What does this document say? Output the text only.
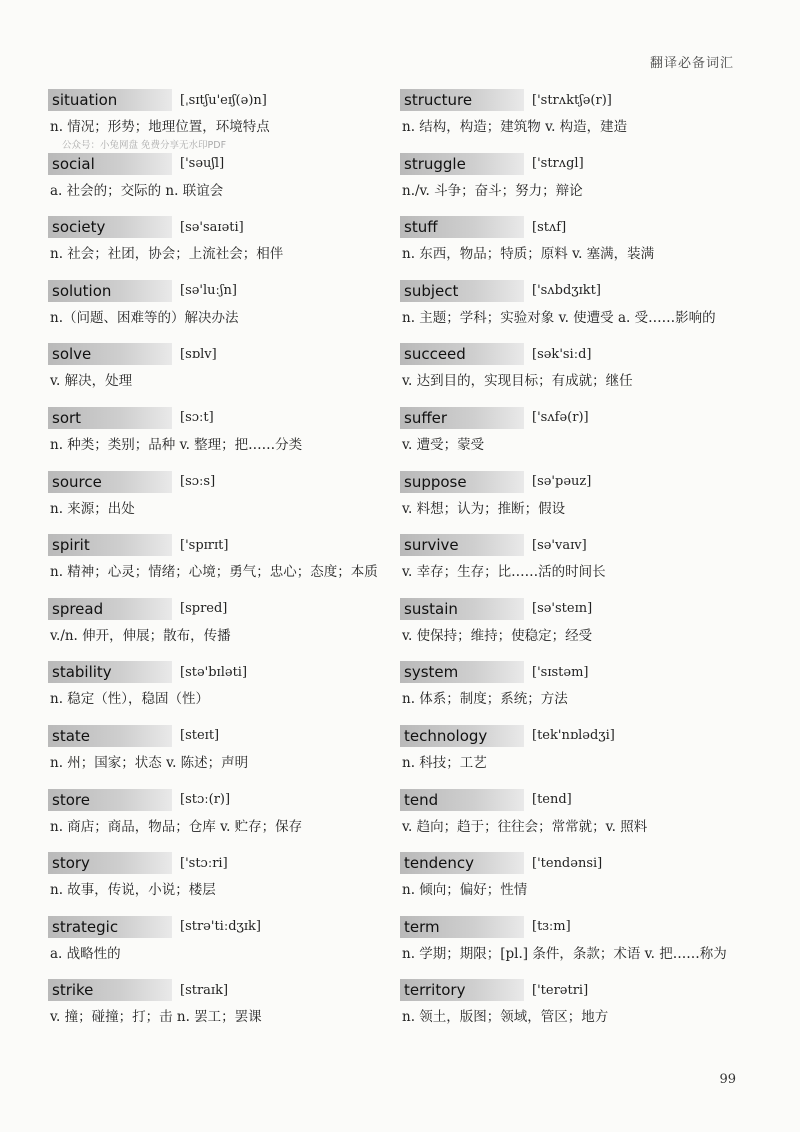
翻译必备词汇
公众号：小兔网盘 免费分享无水印PDF
situation	[ˌsɪtʃu'eɪʃ(ə)n]
n. 情况；形势；地理位置，环境特点
social	['səuʃl]
a. 社会的；交际的 n. 联谊会
society	[sə'saɪəti]
n. 社会；社团，协会；上流社会；相伴
solution	[sə'luːʃn]
n.（问题、困难等的）解决办法
solve	[sɒlv]
v. 解决，处理
sort	[sɔːt]
n. 种类；类别；品种 v. 整理；把……分类
source	[sɔːs]
n. 来源；出处
spirit	['spɪrɪt]
n. 精神；心灵；情绪；心境；勇气；忠心；态度；本质
spread	[spred]
v./n. 伸开，伸展；散布，传播
stability	[stə'bɪləti]
n. 稳定（性），稳固（性）
state	[steɪt]
n. 州；国家；状态 v. 陈述；声明
store	[stɔː(r)]
n. 商店；商品，物品；仓库 v. 贮存；保存
story	['stɔːri]
n. 故事，传说，小说；楼层
strategic	[strə'tiːdʒɪk]
a. 战略性的
strike	[straɪk]
v. 撞；碰撞；打；击 n. 罢工；罢课
structure	['strʌktʃə(r)]
n. 结构，构造；建筑物 v. 构造，建造
struggle	['strʌgl]
n./v. 斗争；奋斗；努力；辩论
stuff	[stʌf]
n. 东西，物品；特质；原料 v. 塞满，装满
subject	['sʌbdʒɪkt]
n. 主题；学科；实验对象 v. 使遭受 a. 受……影响的
succeed	[sək'siːd]
v. 达到目的，实现目标；有成就；继任
suffer	['sʌfə(r)]
v. 遭受；蒙受
suppose	[sə'pəuz]
v. 料想；认为；推断；假设
survive	[sə'vaɪv]
v. 幸存；生存；比……活的时间长
sustain	[sə'steɪn]
v. 使保持；维持；使稳定；经受
system	['sɪstəm]
n. 体系；制度；系统；方法
technology	[tek'nɒlədʒi]
n. 科技；工艺
tend	[tend]
v. 趋向；趋于；往往会；常常就；v. 照料
tendency	['tendənsi]
n. 倾向；偏好；性情
term	[tɜːm]
n. 学期；期限；[pl.] 条件，条款；术语 v. 把……称为
territory	['terətri]
n. 领土，版图；领域，管区；地方
99
